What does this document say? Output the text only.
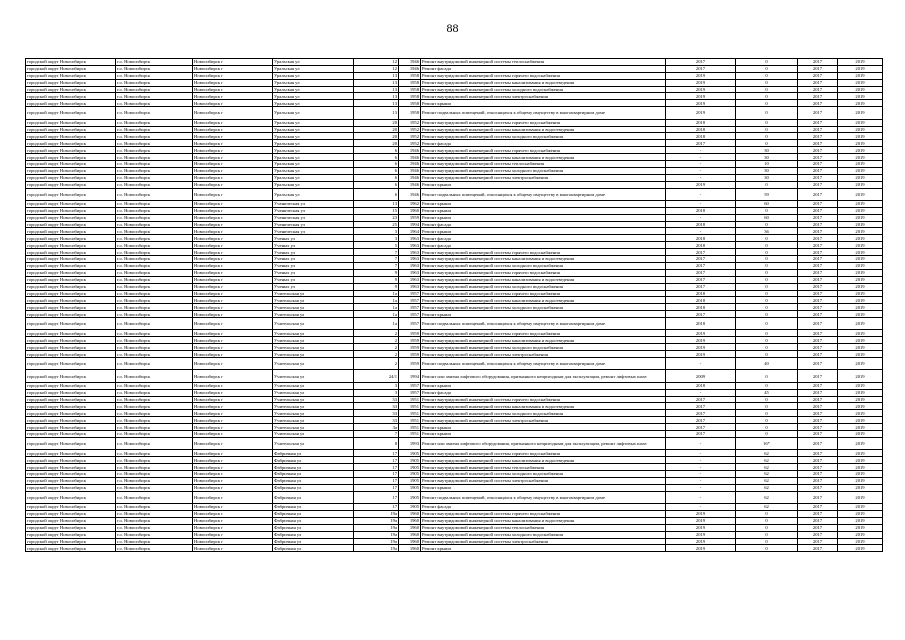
88
городской округ Новосибирск	г.о. Новосибирск	Новосибирск г	Уральская ул	12	1946	Ремонт внутридомовой инженерной системы теплоснабжения	2017	0	2017	2019
городской округ Новосибирск	г.о. Новосибирск	Новосибирск г	Уральская ул	12	1946	Ремонт фасада	2017	0	2017	2019
городской округ Новосибирск	г.о. Новосибирск	Новосибирск г	Уральская ул	13	1958	Ремонт внутридомовой инженерной системы горячего водоснабжения	2019	0	2017	2019
городской округ Новосибирск	г.о. Новосибирск	Новосибирск г	Уральская ул	13	1958	Ремонт внутридомовой инженерной системы канализования и водоотведения	2019	0	2017	2019
городской округ Новосибирск	г.о. Новосибирск	Новосибирск г	Уральская ул	13	1958	Ремонт внутридомовой инженерной системы холодного водоснабжения	2019	0	2017	2019
городской округ Новосибирск	г.о. Новосибирск	Новосибирск г	Уральская ул	13	1958	Ремонт внутридомовой инженерной системы электроснабжения	2019	0	2017	2019
городской округ Новосибирск	г.о. Новосибирск	Новосибирск г	Уральская ул	13	1958	Ремонт крыши	2019	0	2017	2019
городской округ Новосибирск	г.о. Новосибирск	Новосибирск г	Уральская ул	13	1958	Ремонт подвальных помещений, относящихся к общему имуществу в многоквартирном доме	2019	0	2017	2019
городской округ Новосибирск	г.о. Новосибирск	Новосибирск г	Уральская ул	20	1952	Ремонт внутридомовой инженерной системы горячего водоснабжения	2018	0	2017	2019
городской округ Новосибирск	г.о. Новосибирск	Новосибирск г	Уральская ул	20	1952	Ремонт внутридомовой инженерной системы канализования и водоотведения	2018	0	2017	2019
городской округ Новосибирск	г.о. Новосибирск	Новосибирск г	Уральская ул	20	1952	Ремонт внутридомовой инженерной системы холодного водоснабжения	2018	0	2017	2019
городской округ Новосибирск	г.о. Новосибирск	Новосибирск г	Уральская ул	20	1952	Ремонт фасада	2017	0	2017	2019
городской округ Новосибирск	г.о. Новосибирск	Новосибирск г	Уральская ул	6	1946	Ремонт внутридомовой инженерной системы горячего водоснабжения	-	30	2017	2019
городской округ Новосибирск	г.о. Новосибирск	Новосибирск г	Уральская ул	6	1946	Ремонт внутридомовой инженерной системы канализования и водоотведения	-	30	2017	2019
городской округ Новосибирск	г.о. Новосибирск	Новосибирск г	Уральская ул	6	1946	Ремонт внутридомовой инженерной системы теплоснабжения	-	10	2017	2019
городской округ Новосибирск	г.о. Новосибирск	Новосибирск г	Уральская ул	6	1946	Ремонт внутридомовой инженерной системы холодного водоснабжения	-	30	2017	2019
городской округ Новосибирск	г.о. Новосибирск	Новосибирск г	Уральская ул	6	1946	Ремонт внутридомовой инженерной системы электроснабжения	-	30	2017	2019
городской округ Новосибирск	г.о. Новосибирск	Новосибирск г	Уральская ул	6	1946	Ремонт крыши	2019	0	2017	2019
городской округ Новосибирск	г.о. Новосибирск	Новосибирск г	Уральская ул	6	1946	Ремонт подвальных помещений, относящихся к общему имуществу в многоквартирном доме	-	59	2017	2019
городской округ Новосибирск	г.о. Новосибирск	Новосибирск г	Ученическая ул	13	1962	Ремонт крыши	-	60	2017	2019
городской округ Новосибирск	г.о. Новосибирск	Новосибирск г	Ученическая ул	15	1960	Ремонт крыши	2018	0	2017	2019
городской округ Новосибирск	г.о. Новосибирск	Новосибирск г	Ученическая ул	23	1959	Ремонт крыши	-	60	2017	2019
городской округ Новосибирск	г.о. Новосибирск	Новосибирск г	Ученическая ул	25	1994	Ремонт фасада	2018	0	2017	2019
городской округ Новосибирск	г.о. Новосибирск	Новосибирск г	Ученическая ул	3	1964	Ремонт крыши	-	36	2017	2019
городской округ Новосибирск	г.о. Новосибирск	Новосибирск г	Ученых ул	3	1963	Ремонт фасада	2018	0	2017	2019
городской округ Новосибирск	г.о. Новосибирск	Новосибирск г	Ученых ул	5	1963	Ремонт фасада	2018	0	2017	2019
городской округ Новосибирск	г.о. Новосибирск	Новосибирск г	Ученых ул	7	1963	Ремонт внутридомовой инженерной системы горячего водоснабжения	2017	0	2017	2019
городской округ Новосибирск	г.о. Новосибирск	Новосибирск г	Ученых ул	7	1963	Ремонт внутридомовой инженерной системы канализования и водоотведения	2017	0	2017	2019
городской округ Новосибирск	г.о. Новосибирск	Новосибирск г	Ученых ул	7	1963	Ремонт внутридомовой инженерной системы холодного водоснабжения	2017	0	2017	2019
городской округ Новосибирск	г.о. Новосибирск	Новосибирск г	Ученых ул	9	1963	Ремонт внутридомовой инженерной системы горячего водоснабжения	2017	0	2017	2019
городской округ Новосибирск	г.о. Новосибирск	Новосибирск г	Ученых ул	9	1963	Ремонт внутридомовой инженерной системы канализования и водоотведения	2017	0	2017	2019
городской округ Новосибирск	г.о. Новосибирск	Новосибирск г	Ученых ул	9	1963	Ремонт внутридомовой инженерной системы холодного водоснабжения	2017	0	2017	2019
городской округ Новосибирск	г.о. Новосибирск	Новосибирск г	Учительская ул	1а	1957	Ремонт внутридомовой инженерной системы горячего водоснабжения	2018	0	2017	2019
городской округ Новосибирск	г.о. Новосибирск	Новосибирск г	Учительская ул	1а	1957	Ремонт внутридомовой инженерной системы канализования и водоотведения	2018	0	2017	2019
городской округ Новосибирск	г.о. Новосибирск	Новосибирск г	Учительская ул	1а	1957	Ремонт внутридомовой инженерной системы холодного водоснабжения	2018	0	2017	2019
городской округ Новосибирск	г.о. Новосибирск	Новосибирск г	Учительская ул	1а	1957	Ремонт крыши	2017	0	2017	2019
городской округ Новосибирск	г.о. Новосибирск	Новосибирск г	Учительская ул	1а	1957	Ремонт подвальных помещений, относящихся к общему имуществу в многоквартирном доме	2018	0	2017	2019
городской округ Новосибирск	г.о. Новосибирск	Новосибирск г	Учительская ул	2	1959	Ремонт внутридомовой инженерной системы горячего водоснабжения	2019	0	2017	2019
городской округ Новосибирск	г.о. Новосибирск	Новосибирск г	Учительская ул	2	1959	Ремонт внутридомовой инженерной системы канализования и водоотведения	2019	0	2017	2019
городской округ Новосибирск	г.о. Новосибирск	Новосибирск г	Учительская ул	2	1959	Ремонт внутридомовой инженерной системы холодного водоснабжения	2019	0	2017	2019
городской округ Новосибирск	г.о. Новосибирск	Новосибирск г	Учительская ул	2	1959	Ремонт внутридомовой инженерной системы электроснабжения	2019	0	2017	2019
городской округ Новосибирск	г.о. Новосибирск	Новосибирск г	Учительская ул	2	1959	Ремонт подвальных помещений, относящихся к общему имуществу в многоквартирном доме	-	40	2017	2019
городской округ Новосибирск	г.о. Новосибирск	Новосибирск г	Учительская ул	24/1	1994	Ремонт или замена лифтового оборудования, признанного непригодным для эксплуатации, ремонт лифтовых шахт	2009	0	2017	2019
городской округ Новосибирск	г.о. Новосибирск	Новосибирск г	Учительская ул	3	1957	Ремонт крыши	2018	0	2017	2019
городской округ Новосибирск	г.о. Новосибирск	Новосибирск г	Учительская ул	3	1957	Ремонт фасада	-	45	2017	2019
городской округ Новосибирск	г.о. Новосибирск	Новосибирск г	Учительская ул	33	1951	Ремонт внутридомовой инженерной системы горячего водоснабжения	2017	0	2017	2019
городской округ Новосибирск	г.о. Новосибирск	Новосибирск г	Учительская ул	33	1951	Ремонт внутридомовой инженерной системы канализования и водоотведения	2017	0	2017	2019
городской округ Новосибирск	г.о. Новосибирск	Новосибирск г	Учительская ул	33	1951	Ремонт внутридомовой инженерной системы холодного водоснабжения	2017	0	2017	2019
городской округ Новосибирск	г.о. Новосибирск	Новосибирск г	Учительская ул	33	1951	Ремонт внутридомовой инженерной системы электроснабжения	2017	0	2017	2019
городской округ Новосибирск	г.о. Новосибирск	Новосибирск г	Учительская ул	3а	1951	Ремонт крыши	2017	0	2017	2019
городской округ Новосибирск	г.о. Новосибирск	Новосибирск г	Учительская ул	7	1951	Ремонт крыши	2017	0	2017	2019
городской округ Новосибирск	г.о. Новосибирск	Новосибирск г	Учительская ул	8	1993	Ремонт или замена лифтового оборудования, признанного непригодным для эксплуатации, ремонт лифтовых шахт	-	16*	2017	2019
городской округ Новосибирск	г.о. Новосибирск	Новосибирск г	Фабричная ул	17	1905	Ремонт внутридомовой инженерной системы горячего водоснабжения	-	62	2017	2019
городской округ Новосибирск	г.о. Новосибирск	Новосибирск г	Фабричная ул	17	1905	Ремонт внутридомовой инженерной системы канализования и водоотведения	-	62	2017	2019
городской округ Новосибирск	г.о. Новосибирск	Новосибирск г	Фабричная ул	17	1905	Ремонт внутридомовой инженерной системы теплоснабжения	-	62	2017	2019
городской округ Новосибирск	г.о. Новосибирск	Новосибирск г	Фабричная ул	17	1905	Ремонт внутридомовой инженерной системы холодного водоснабжения	-	62	2017	2019
городской округ Новосибирск	г.о. Новосибирск	Новосибирск г	Фабричная ул	17	1905	Ремонт внутридомовой инженерной системы электроснабжения	-	62	2017	2019
городской округ Новосибирск	г.о. Новосибирск	Новосибирск г	Фабричная ул	17	1905	Ремонт крыши	-	62	2017	2019
городской округ Новосибирск	г.о. Новосибирск	Новосибирск г	Фабричная ул	17	1905	Ремонт подвальных помещений, относящихся к общему имуществу в многоквартирном доме	-	62	2017	2019
городской округ Новосибирск	г.о. Новосибирск	Новосибирск г	Фабричная ул	17	1905	Ремонт фасада	-	62	2017	2019
городской округ Новосибирск	г.о. Новосибирск	Новосибирск г	Фабричная ул	19а	1960	Ремонт внутридомовой инженерной системы горячего водоснабжения	2019	0	2017	2019
городской округ Новосибирск	г.о. Новосибирск	Новосибирск г	Фабричная ул	19а	1960	Ремонт внутридомовой инженерной системы канализования и водоотведения	2019	0	2017	2019
городской округ Новосибирск	г.о. Новосибирск	Новосибирск г	Фабричная ул	19а	1960	Ремонт внутридомовой инженерной системы теплоснабжения	2019	0	2017	2019
городской округ Новосибирск	г.о. Новосибирск	Новосибирск г	Фабричная ул	19а	1960	Ремонт внутридомовой инженерной системы холодного водоснабжения	2019	0	2017	2019
городской округ Новосибирск	г.о. Новосибирск	Новосибирск г	Фабричная ул	19а	1960	Ремонт внутридомовой инженерной системы электроснабжения	2019	0	2017	2019
городской округ Новосибирск	г.о. Новосибирск	Новосибирск г	Фабричная ул	19а	1960	Ремонт крыши	2019	0	2017	2019
